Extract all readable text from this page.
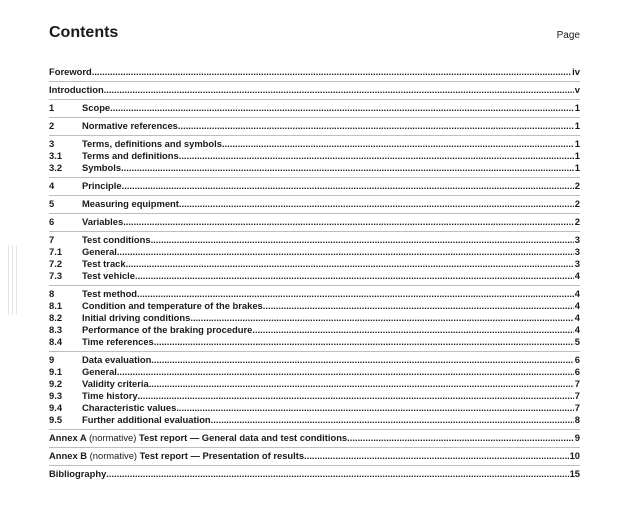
Contents	Page
Foreword .....	iv
Introduction .....	v
1	Scope .....	1
2	Normative references .....	1
3	Terms, definitions and symbols .....	1
3.1 Terms and definitions .....	1
3.2 Symbols .....	1
4	Principle .....	2
5	Measuring equipment .....	2
6	Variables .....	2
7	Test conditions .....	3
7.1 General .....	3
7.2 Test track .....	3
7.3 Test vehicle .....	4
8	Test method .....	4
8.1 Condition and temperature of the brakes .....	4
8.2 Initial driving conditions .....	4
8.3 Performance of the braking procedure .....	4
8.4 Time references .....	5
9	Data evaluation .....	6
9.1 General .....	6
9.2 Validity criteria .....	7
9.3 Time history .....	7
9.4 Characteristic values .....	7
9.5 Further additional evaluation .....	8
Annex A (normative) Test report — General data and test conditions .....	9
Annex B (normative) Test report — Presentation of results .....	10
Bibliography .....	15
